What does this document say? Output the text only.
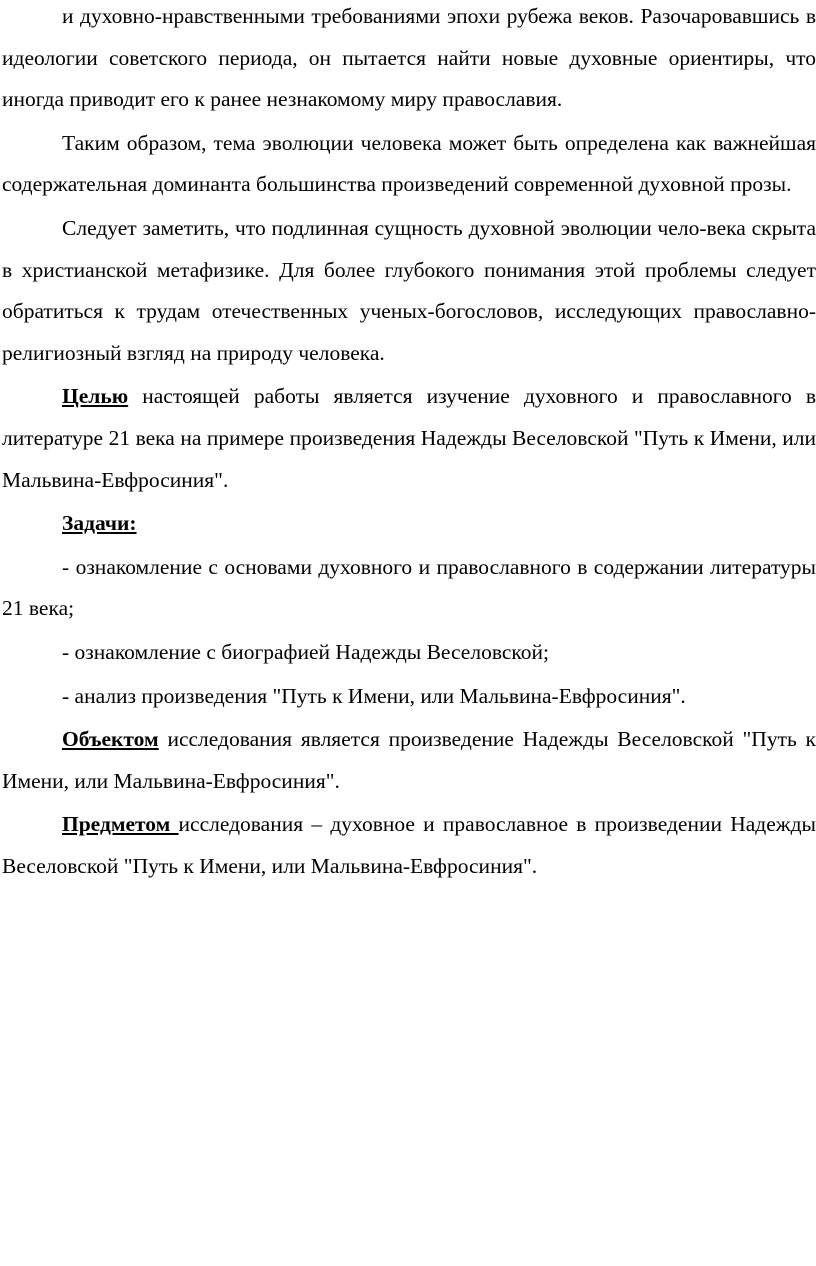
и духовно-нравственными требованиями эпохи рубежа веков. Разочаровавшись в идеологии советского периода, он пытается найти новые духовные ориентиры, что иногда приводит его к ранее незнакомому миру православия.

Таким образом, тема эволюции человека может быть определена как важнейшая содержательная доминанта большинства произведений современной духовной прозы.

Следует заметить, что подлинная сущность духовной эволюции чело-века скрыта в христианской метафизике. Для более глубокого понимания этой проблемы следует обратиться к трудам отечественных ученых-богословов, исследующих православно-религиозный взгляд на природу человека.

Целью настоящей работы является изучение духовного и православного в литературе 21 века на примере произведения Надежды Веселовской "Путь к Имени, или Мальвина-Евфросиния".

Задачи:

- ознакомление с основами духовного и православного в содержании литературы 21 века;

- ознакомление с биографией Надежды Веселовской;

- анализ произведения "Путь к Имени, или Мальвина-Евфросиния".

Объектом исследования является произведение Надежды Веселовской "Путь к Имени, или Мальвина-Евфросиния".

Предметом исследования – духовное и православное в произведении Надежды Веселовской "Путь к Имени, или Мальвина-Евфросиния".
